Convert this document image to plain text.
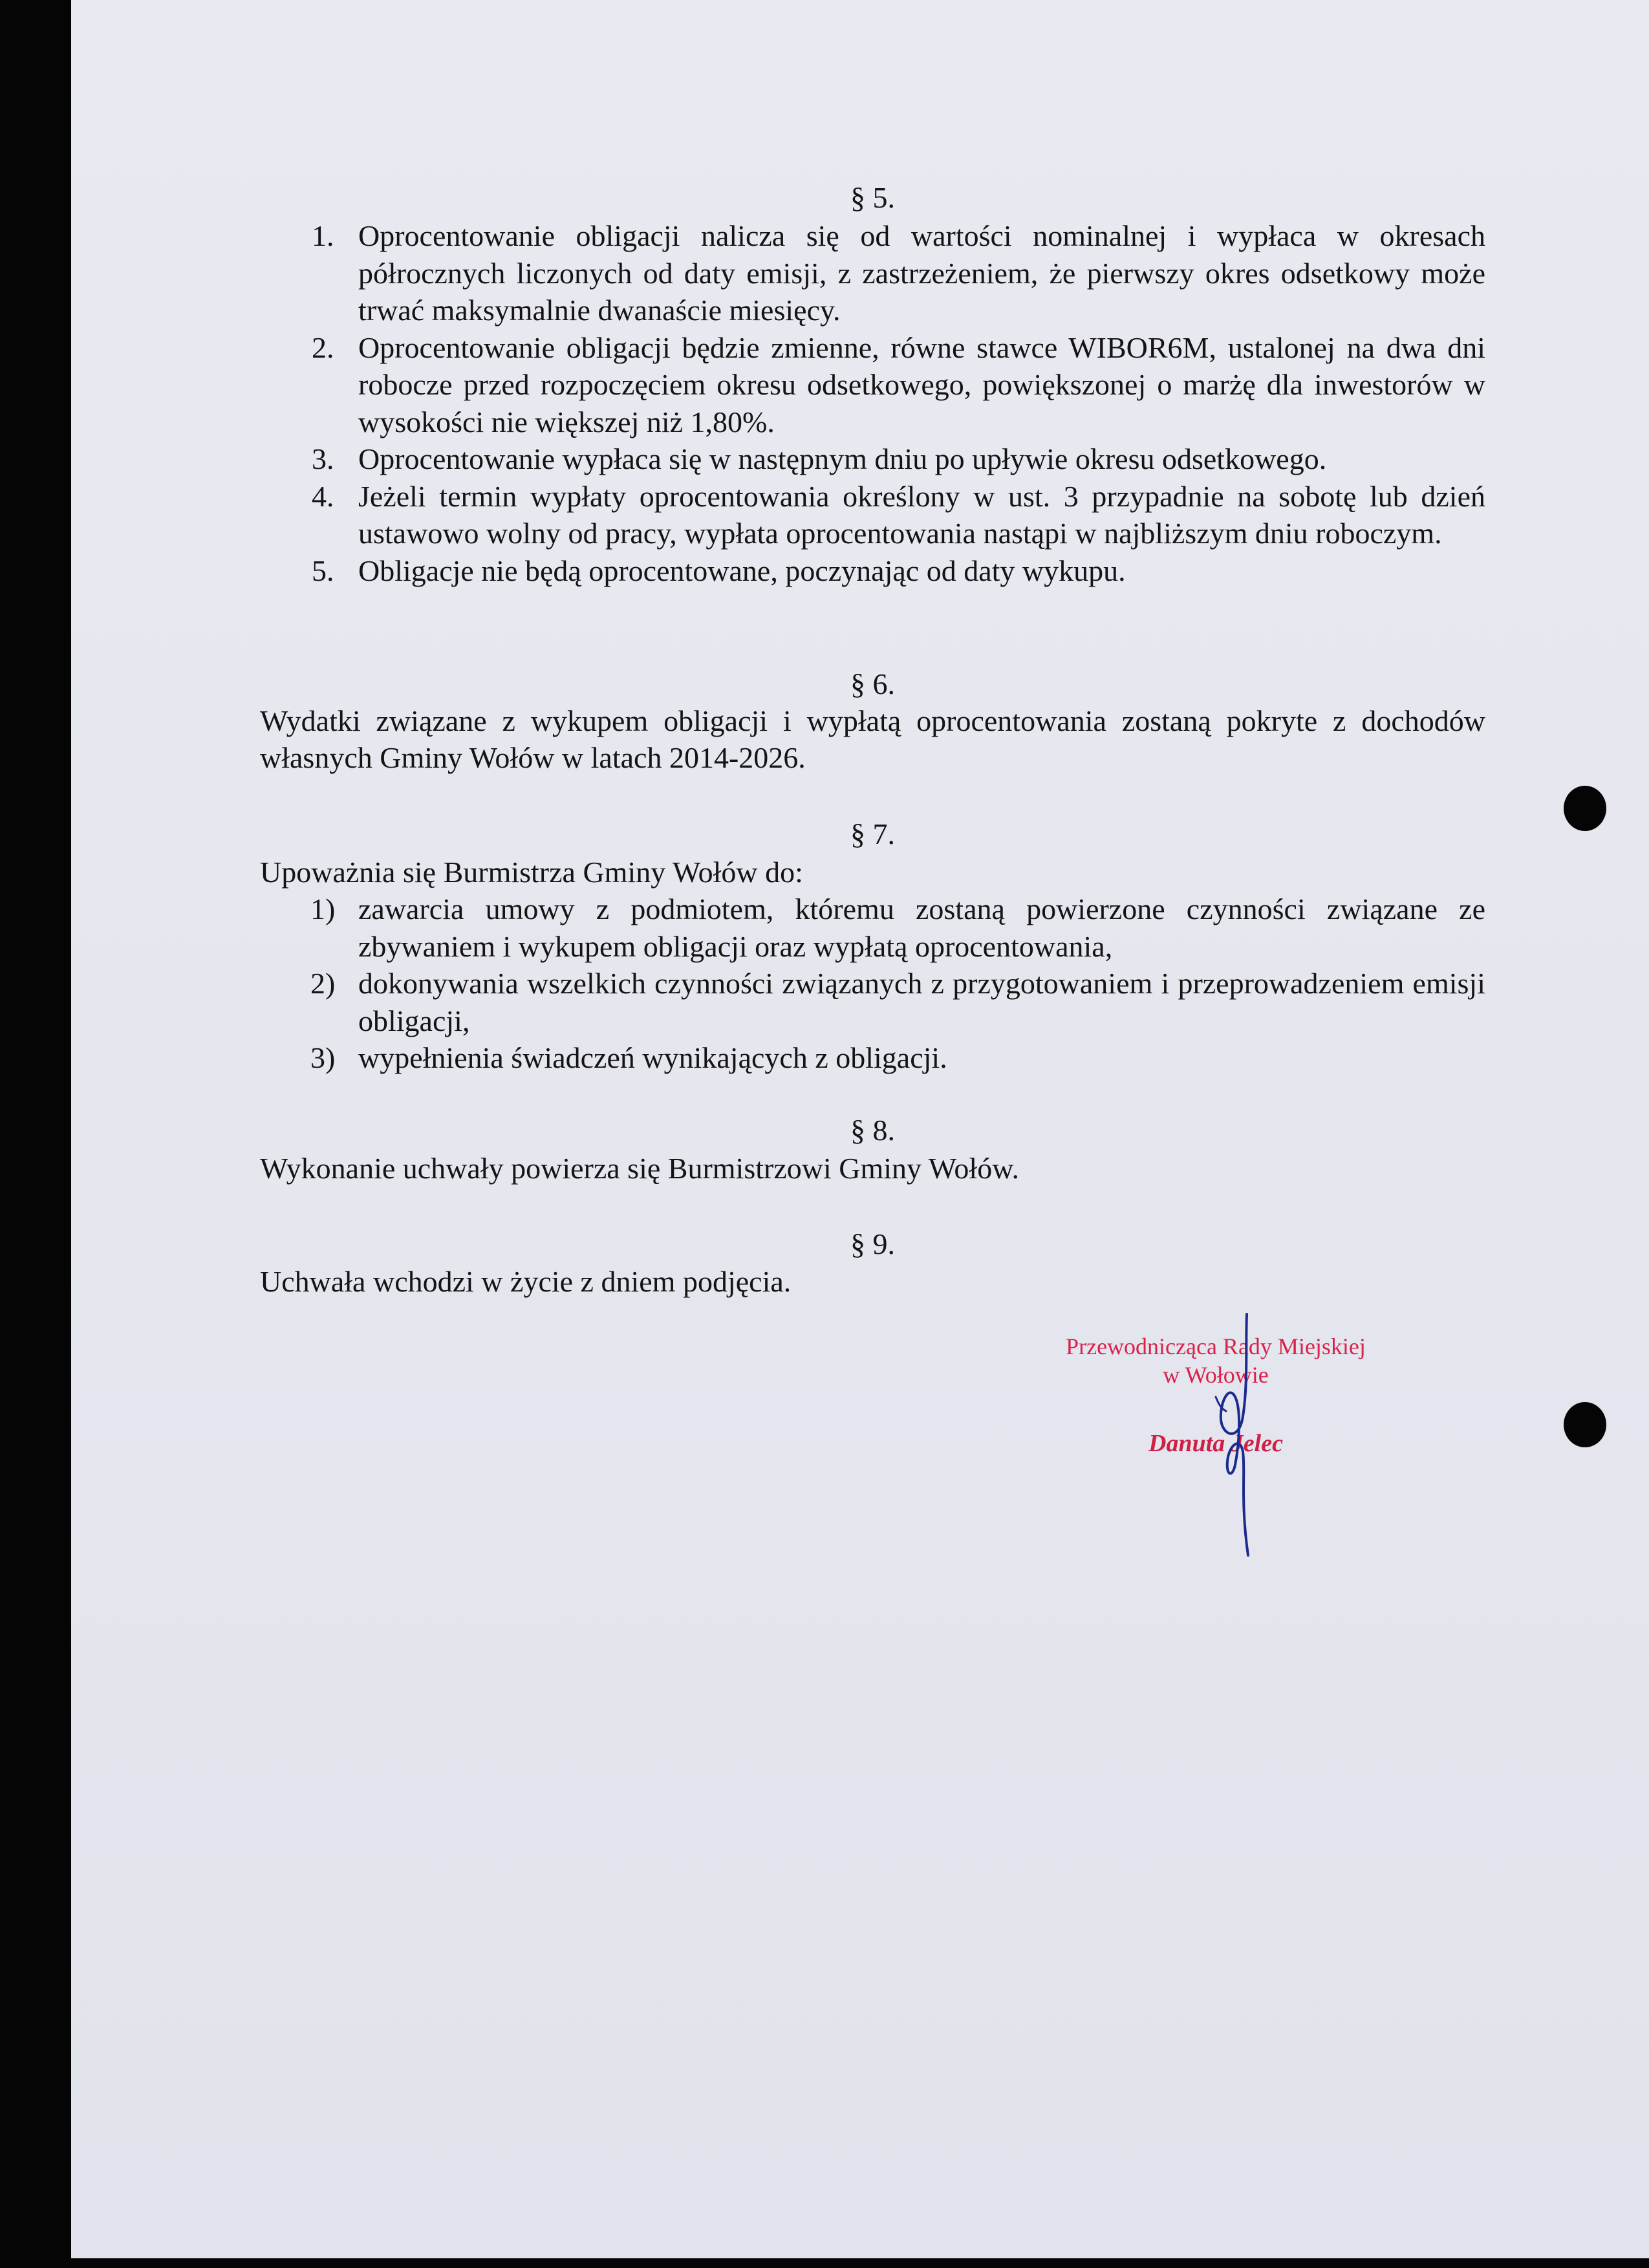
§ 5.
1. Oprocentowanie obligacji nalicza się od wartości nominalnej i wypłaca w okresach półrocznych liczonych od daty emisji, z zastrzeżeniem, że pierwszy okres odsetkowy może trwać maksymalnie dwanaście miesięcy.
2. Oprocentowanie obligacji będzie zmienne, równe stawce WIBOR6M, ustalonej na dwa dni robocze przed rozpoczęciem okresu odsetkowego, powiększonej o marżę dla inwestorów w wysokości nie większej niż 1,80%.
3. Oprocentowanie wypłaca się w następnym dniu po upływie okresu odsetkowego.
4. Jeżeli termin wypłaty oprocentowania określony w ust. 3 przypadnie na sobotę lub dzień ustawowo wolny od pracy, wypłata oprocentowania nastąpi w najbliższym dniu roboczym.
5. Obligacje nie będą oprocentowane, poczynając od daty wykupu.
§ 6.
Wydatki związane z wykupem obligacji i wypłatą oprocentowania zostaną pokryte z dochodów własnych Gminy Wołów w latach 2014-2026.
§ 7.
Upoważnia się Burmistrza Gminy Wołów do:
1) zawarcia umowy z podmiotem, któremu zostaną powierzone czynności związane ze zbywaniem i wykupem obligacji oraz wypłatą oprocentowania,
2) dokonywania wszelkich czynności związanych z przygotowaniem i przeprowadzeniem emisji obligacji,
3) wypełnienia świadczeń wynikających z obligacji.
§ 8.
Wykonanie uchwały powierza się Burmistrzowi Gminy Wołów.
§ 9.
Uchwała wchodzi w życie z dniem podjęcia.
Przewodnicząca Rady Miejskiej
w Wołowie
Danuta Jelec
